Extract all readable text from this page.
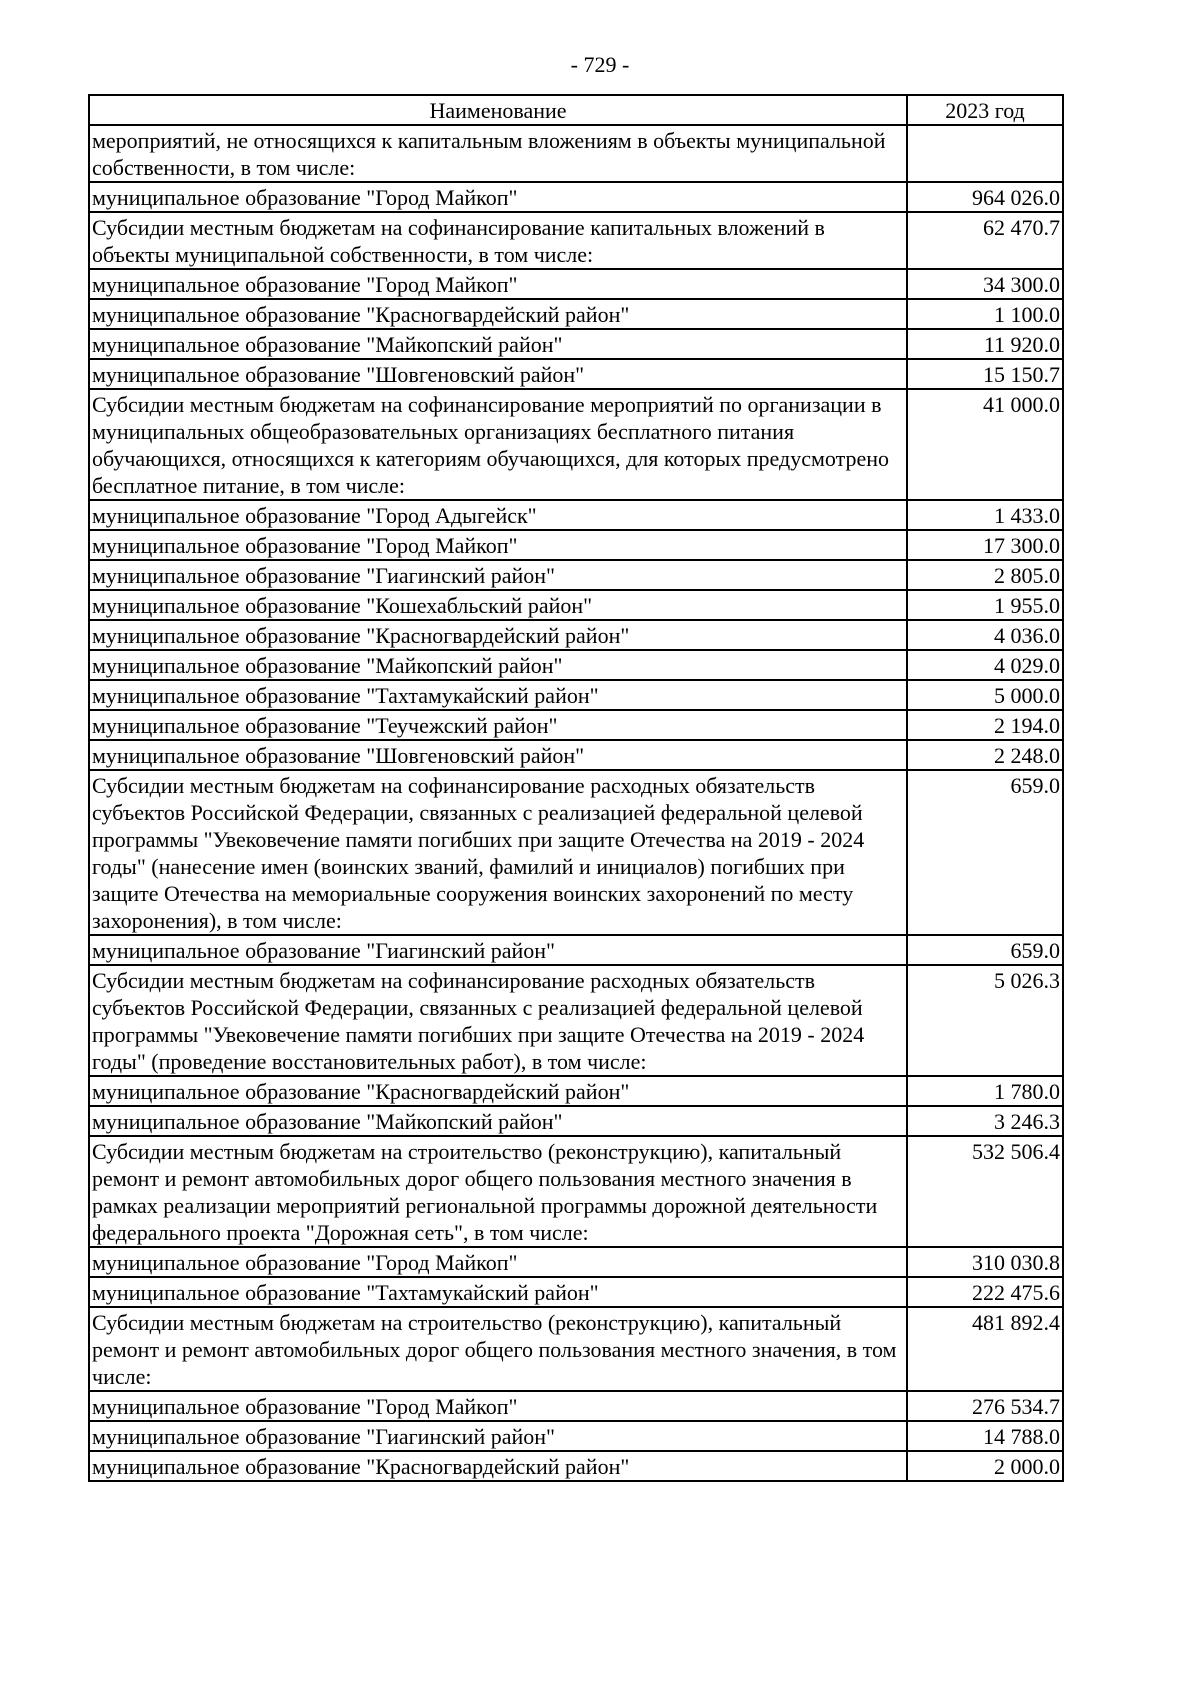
- 729 -
Наименование	2023 год
мероприятий, не относящихся к капитальным вложениям в объекты муниципальной собственности, в том числе:	
муниципальное образование "Город Майкоп"	964 026.0
Субсидии местным бюджетам на софинансирование капитальных вложений в объекты муниципальной собственности, в том числе:	62 470.7
муниципальное образование "Город Майкоп"	34 300.0
муниципальное образование "Красногвардейский район"	1 100.0
муниципальное образование "Майкопский район"	11 920.0
муниципальное образование "Шовгеновский район"	15 150.7
Субсидии местным бюджетам на софинансирование мероприятий по организации в муниципальных общеобразовательных организациях бесплатного питания обучающихся, относящихся к категориям обучающихся, для которых предусмотрено бесплатное питание, в том числе:	41 000.0
муниципальное образование "Город Адыгейск"	1 433.0
муниципальное образование "Город Майкоп"	17 300.0
муниципальное образование "Гиагинский район"	2 805.0
муниципальное образование "Кошехабльский район"	1 955.0
муниципальное образование "Красногвардейский район"	4 036.0
муниципальное образование "Майкопский район"	4 029.0
муниципальное образование "Тахтамукайский район"	5 000.0
муниципальное образование "Теучежский район"	2 194.0
муниципальное образование "Шовгеновский район"	2 248.0
Субсидии местным бюджетам на софинансирование расходных обязательств субъектов Российской Федерации, связанных с реализацией федеральной целевой программы "Увековечение памяти погибших при защите Отечества на 2019 - 2024 годы" (нанесение имен (воинских званий, фамилий и инициалов) погибших при защите Отечества на мемориальные сооружения воинских захоронений по месту захоронения), в том числе:	659.0
муниципальное образование "Гиагинский район"	659.0
Субсидии местным бюджетам на софинансирование расходных обязательств субъектов Российской Федерации, связанных с реализацией федеральной целевой программы "Увековечение памяти погибших при защите Отечества на 2019 - 2024 годы" (проведение восстановительных работ), в том числе:	5 026.3
муниципальное образование "Красногвардейский район"	1 780.0
муниципальное образование "Майкопский район"	3 246.3
Субсидии местным бюджетам на строительство (реконструкцию), капитальный ремонт и ремонт автомобильных дорог общего пользования местного значения в рамках реализации мероприятий региональной программы дорожной деятельности федерального проекта "Дорожная сеть", в том числе:	532 506.4
муниципальное образование "Город Майкоп"	310 030.8
муниципальное образование "Тахтамукайский район"	222 475.6
Субсидии местным бюджетам на строительство (реконструкцию), капитальный ремонт и ремонт автомобильных дорог общего пользования местного значения, в том числе:	481 892.4
муниципальное образование "Город Майкоп"	276 534.7
муниципальное образование "Гиагинский район"	14 788.0
муниципальное образование "Красногвардейский район"	2 000.0
